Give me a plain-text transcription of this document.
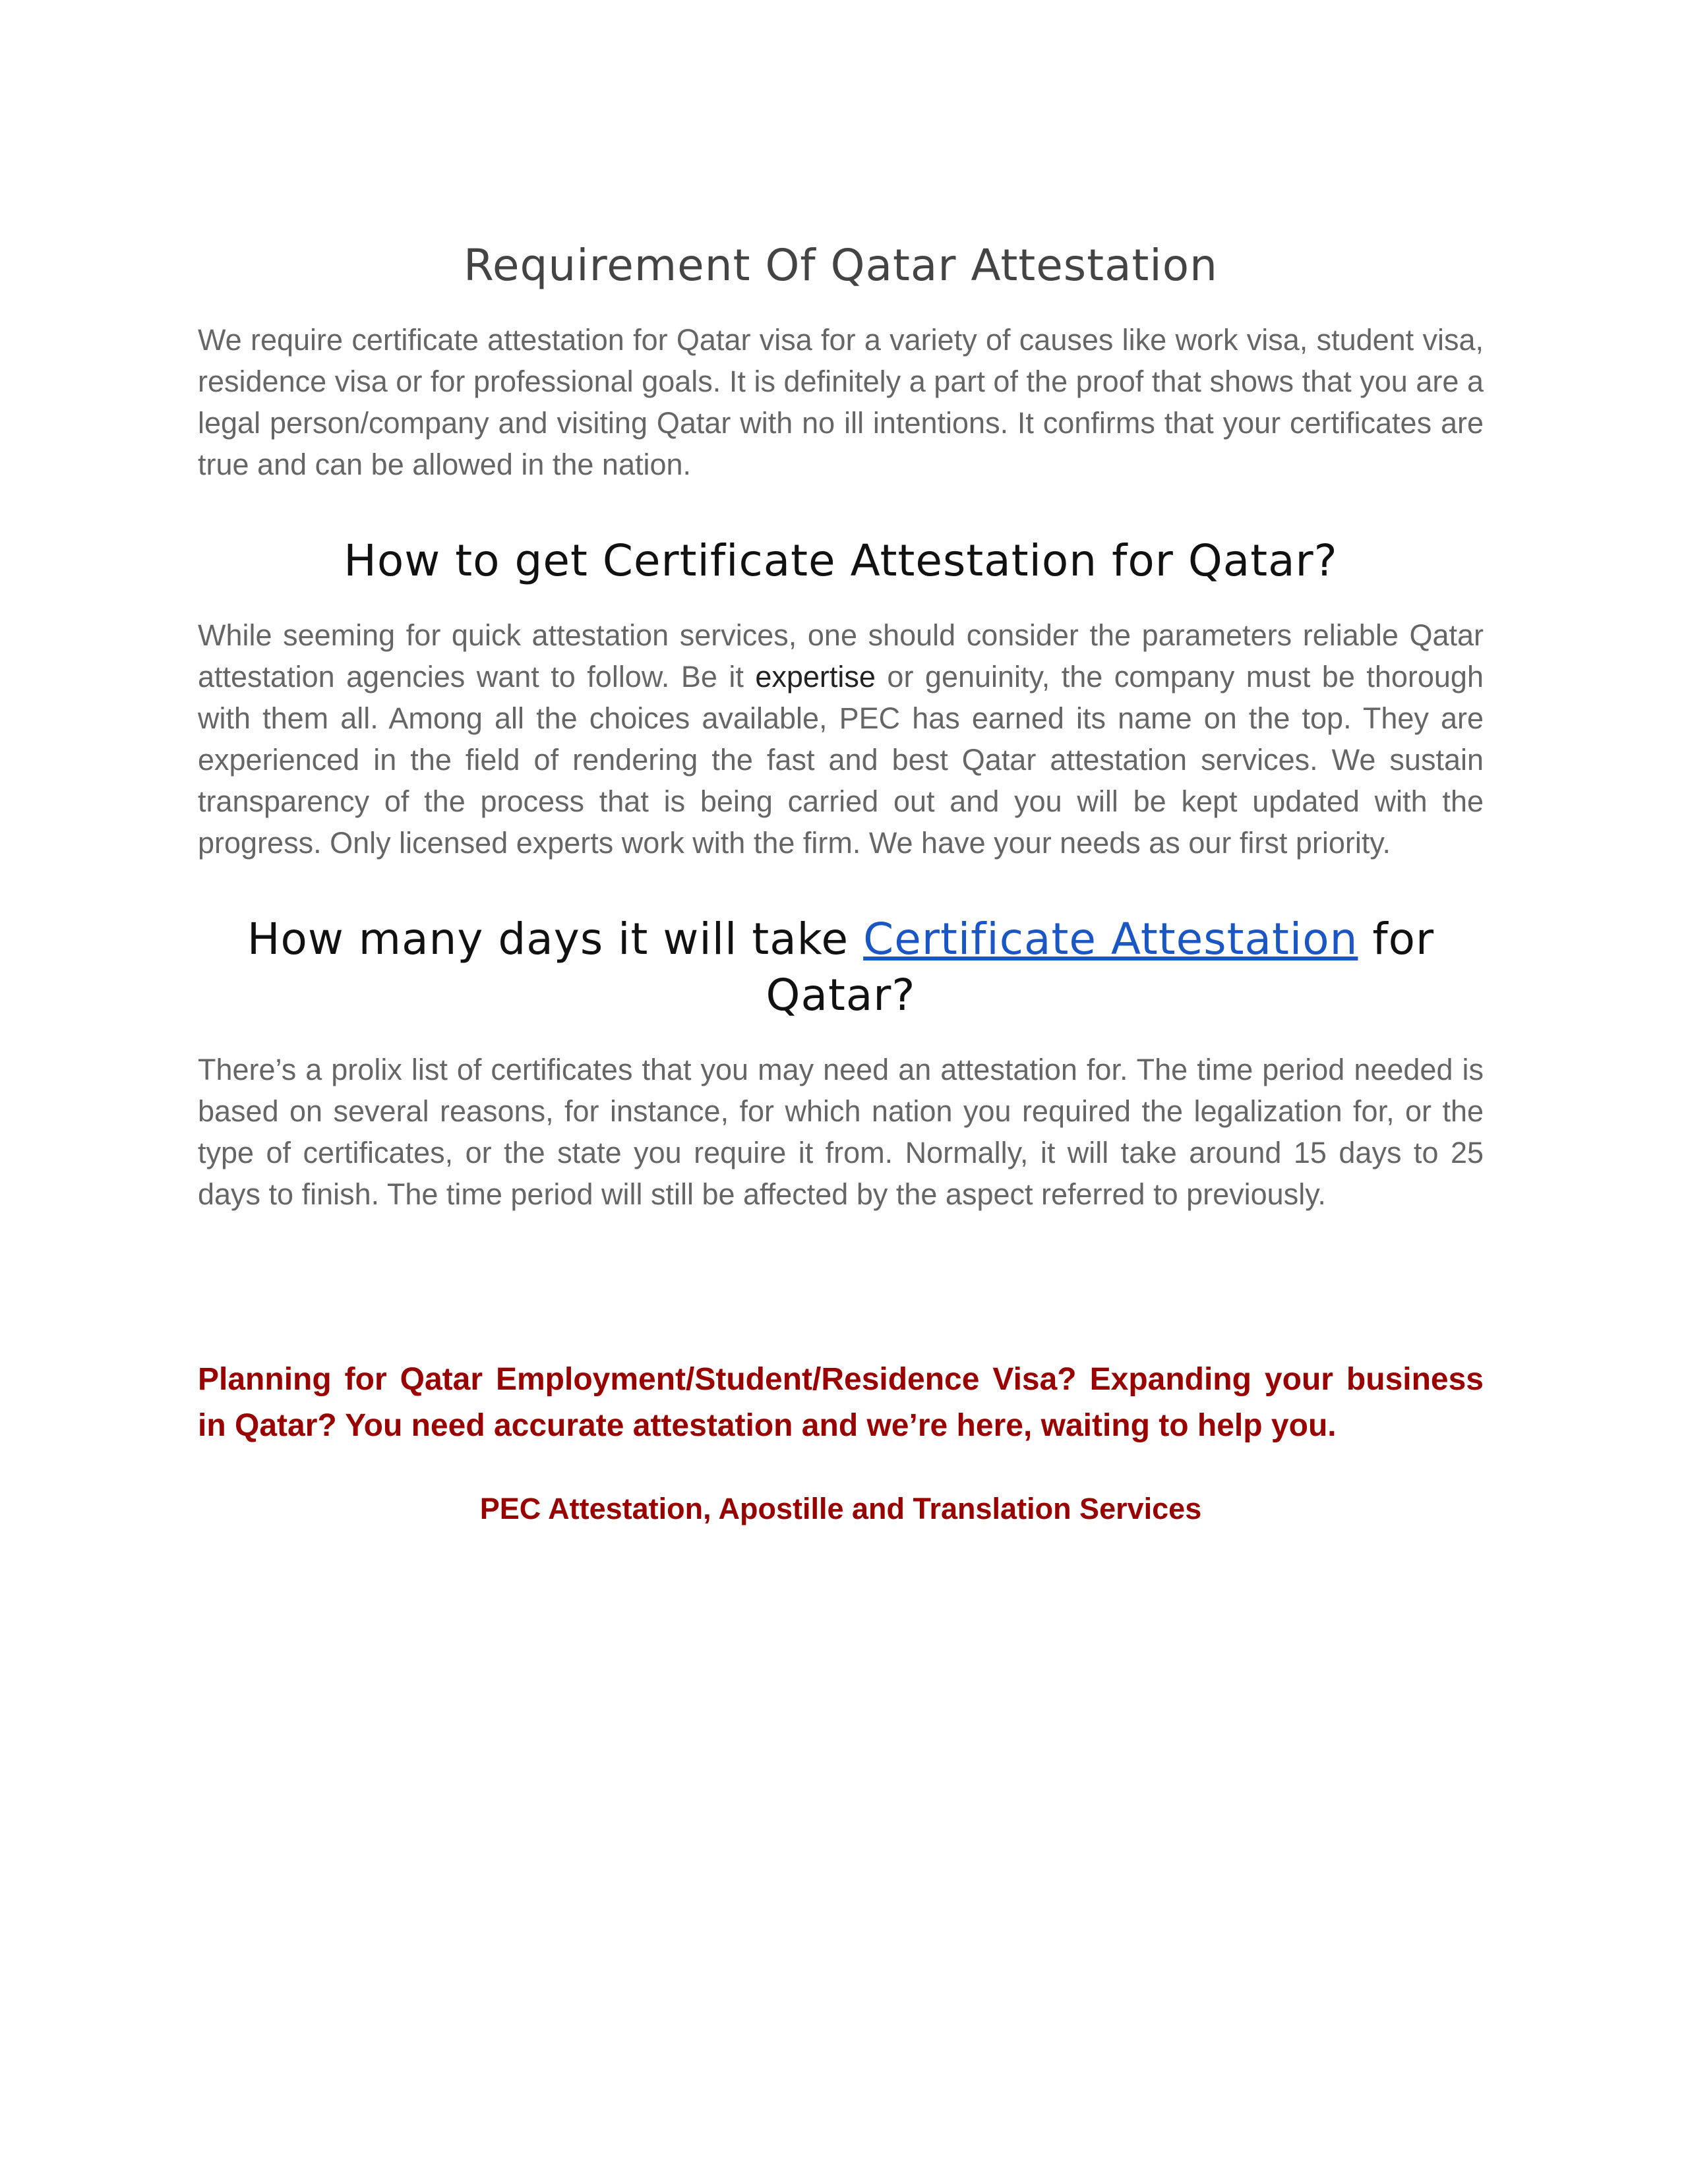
Requirement Of Qatar Attestation

We require certificate attestation for Qatar visa for a variety of causes like work visa, student visa, residence visa or for professional goals. It is definitely a part of the proof that shows that you are a legal person/company and visiting Qatar with no ill intentions. It confirms that your certificates are true and can be allowed in the nation.

How to get Certificate Attestation for Qatar?

While seeming for quick attestation services, one should consider the parameters reliable Qatar attestation agencies want to follow. Be it expertise or genuinity, the company must be thorough with them all. Among all the choices available, PEC has earned its name on the top. They are experienced in the field of rendering the fast and best Qatar attestation services. We sustain transparency of the process that is being carried out and you will be kept updated with the progress. Only licensed experts work with the firm. We have your needs as our first priority.

How many days it will take Certificate Attestation for Qatar?

There’s a prolix list of certificates that you may need an attestation for. The time period needed is based on several reasons, for instance, for which nation you required the legalization for, or the type of certificates, or the state you require it from. Normally, it will take around 15 days to 25 days to finish. The time period will still be affected by the aspect referred to previously.

Planning for Qatar Employment/Student/Residence Visa? Expanding your business in Qatar? You need accurate attestation and we’re here, waiting to help you.

PEC Attestation, Apostille and Translation Services
